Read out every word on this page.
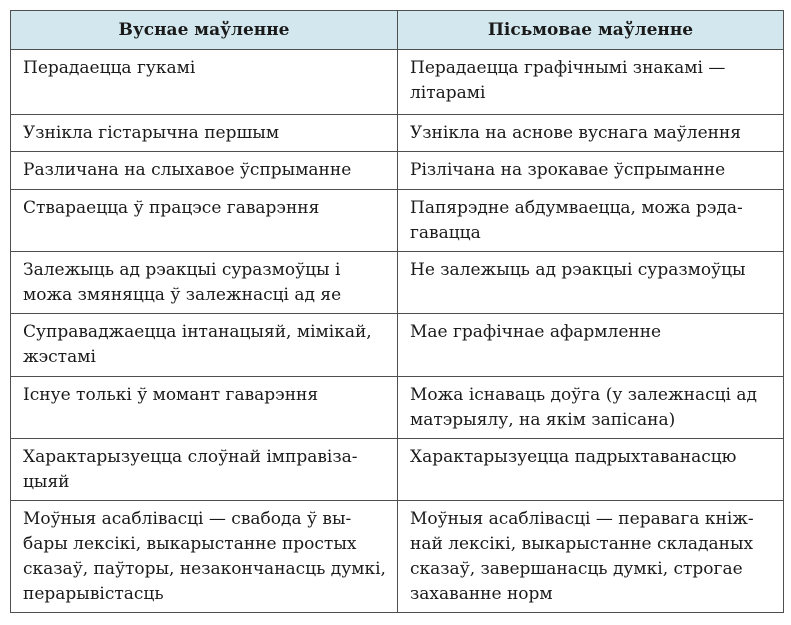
Вуснае маўленне	Пісьмовае маўленне
Перадаецца гукамі	Перадаецца графічнымі знакамі — літарамі
Узнікла гістарычна першым	Узнікла на аснове вуснага маўлення
Различана на слыхавое ўспрыманне	Різлічана на зрокавае ўспрыманне
Ствараецца ў працэсе гаварэння	Папярэдне абдумваецца, можа рэдагавацца
Залежыць ад рэакцыі суразмоўцы і можа змяняцца ў залежнасці ад яе	Не залежыць ад рэакцыі суразмоўцы
Суправаджаецца інтанацыяй, мімікай, жэстамі	Мае графічнае афармленне
Існуе толькі ў момант гаварэння	Можа існаваць доўга (у залежнасці ад матэрыялу, на якім запісана)
Характарызуецца слоўнай імправізацыяй	Характарызуецца падрыхтаванасцю
Моўныя асаблівасці — свабода ў выбары лексікі, выкарыстанне простых сказаў, паўторы, незакончанасць думкі, перарывістасць	Моўныя асаблівасці — перавага кніжнай лексікі, выкарыстанне складаных сказаў, завершанасць думкі, строгае захаванне норм
